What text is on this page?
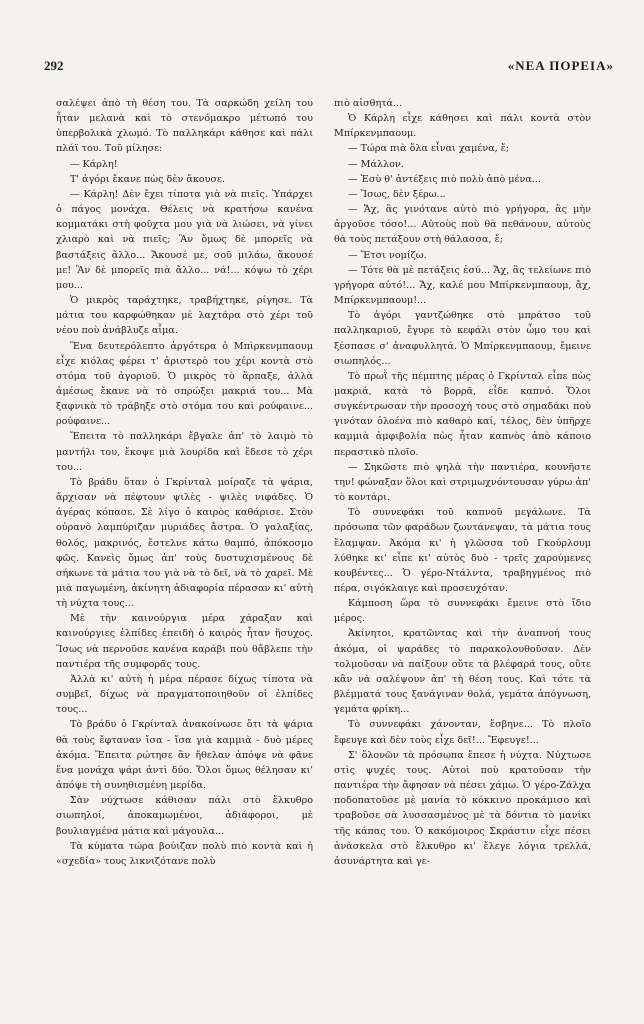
292	«ΝΕΑ ΠΟΡΕΙΑ»

σαλέψει ἀπὸ τὴ θέση του. Τὰ σαρκώδη χείλη του ἦταν μελανὰ καὶ τὸ στενόμακρο μέτωπό του ὑπερβολικὰ χλωμό. Τὸ παλληκάρι κάθησε καὶ πάλι πλάϊ του. Τοῦ μίλησε:

— Κάρλη!

Τ' ἀγόρι ἔκανε πὼς δὲν ἄκουσε.

— Κάρλη! Δὲν ἔχει τίποτα γιὰ νὰ πιεῖς. Ὑπάρχει ὁ πάγος μονάχα. Θέλεις νὰ κρατήσω κανένα κομματάκι στὴ φοῦχτα μου γιὰ νὰ λιώσει, νὰ γίνει χλιαρὸ καὶ νὰ πιεῖς; Ἂν ὅμως δὲ μπορεῖς νὰ βαστάξεις ἄλλο... Ἄκουσέ με, σοῦ μιλάω, ἄκουσέ με! Ἂν δὲ μπορεῖς πιὰ ἄλλο... νά!... κόψω τὸ χέρι μου...

Ὁ μικρὸς ταράχτηκε, τραβήχτηκε, ρίγησε. Τὰ μάτια του καρφώθηκαν μὲ λαχτάρα στὸ χέρι τοῦ νέου ποὺ ἀνάβλυζε αἷμα.

Ἕνα δευτερόλεπτο ἀργότερα ὁ Μπὶρκενμπαουμ εἶχε κιόλας φέρει τ' ἀριστερὸ του χέρι κοντὰ στὸ στόμα τοῦ ἀγοριοῦ. Ὁ μικρὸς τὸ ἅρπαξε, ἀλλὰ ἀμέσως ἔκανε νὰ τὸ σπρώξει μακριά του... Μὰ ξαφνικὰ τὸ τράβηξε στὸ στόμα του καὶ ρούφαινε... ρούφαινε...

Ἔπειτα τὸ παλληκάρι ἔβγαλε ἀπ' τὸ λαιμὸ τὸ μαντήλι του, ἔκοψε μιὰ λουρίδα καὶ ἔδεσε τὸ χέρι του...

Τὸ βράδυ ὅταν ὁ Γκρίνταλ μοίραζε τὰ ψάρια, ἄρχισαν νὰ πέφτουν ψιλὲς - ψιλὲς νιφάδες. Ὁ ἀγέρας κόπασε. Σὲ λίγο ὁ καιρὸς καθάρισε. Στὸν οὐρανὸ λαμπύριζαν μυριάδες ἄστρα. Ὁ γαλαξίας, θολός, μακρινός, ἔστελνε κάτω θαμπό, ἀπόκοσμο φῶς. Κανεὶς ὅμως ἀπ' τοὺς δυστυχισμένους δὲ σήκωνε τὰ μάτια του γιὰ νὰ τὸ δεῖ, νὰ τὸ χαρεῖ. Μὲ μιὰ παγωμένη, ἀκίνητη ἀδιαφορία πέρασαν κι' αὐτὴ τὴ νύχτα τους...

Μὲ τὴν καινούργια μέρα χάραξαν καὶ καινούργιες ἐλπίδες ἐπειδὴ ὁ καιρὸς ἦταν ἥσυχος. Ἴσως νὰ περνοῦσε κανένα καράβι ποὺ θἄβλεπε τὴν παντιέρα τῆς συμφορᾶς τους.

Ἀλλὰ κι' αὐτὴ ἡ μέρα πέρασε δίχως τίποτα νὰ συμβεῖ, δίχως νὰ πραγματοποιηθοῦν οἱ ἐλπίδες τους...

Τὸ βράδυ ὁ Γκρίνταλ ἀνακοίνωσε ὅτι τὰ ψάρια θὰ τοὺς ἔφταναν ἴσα - ἴσα γιὰ καμμιὰ - δυὸ μέρες ἀκόμα. Ἔπειτα ρώτησε ἂν ἤθελαν ἀπόψε νὰ φᾶνε ἕνα μονάχα ψάρι ἀντὶ δύο. Ὅλοι ὅμως θέλησαν κι' ἀπόψε τὴ συνηθισμένη μερίδα.

Σὰν νύχτωσε κάθισαν πάλι στὸ ἔλκυθρο σιωπηλοί, ἀποκαμωμένοι, ἀδιάφοροι, μὲ βουλιαγμένα μάτια καὶ μάγουλα...

Τὰ κύματα τώρα βούιζαν πολὺ πιὸ κοντὰ καὶ ἡ «σχεδία» τους λικνιζότανε πολὺ

πιὸ αἰσθητά...

Ὁ Κάρλη εἶχε κάθησει καὶ πάλι κοντὰ στὸν Μπίρκενμπαουμ.

— Τώρα πιὰ ὅλα εἶναι χαμένα, ἔ;

— Μάλλον.

— Ἐσὺ θ' ἀντέξεις πιὸ πολὺ ἀπὸ μένα...

— Ἴσως, δὲν ξέρω...

— Ἄχ, ἂς γινότανε αὐτὸ πιὸ γρήγορα, ἂς μὴν ἀργοῦσε τόσο!... Αὐτοὺς ποὺ θὰ πεθάνουν, αὐτοὺς θὰ τοὺς πετάξουν στὴ θάλασσα, ἔ;

— Ἔτσι νομίζω.

— Τότε θὰ μὲ πετάξεις ἐσύ... Ἄχ, ἂς τελείωνε πιὸ γρήγορα αὐτό!... Ἄχ, καλέ μου Μπίρκενμπαουμ, ἄχ, Μπίρκενμπαουμ!...

Τὸ ἀγόρι γαντζώθηκε στὸ μπράτσο τοῦ παλληκαριοῦ, ἔγυρε τὸ κεφάλι στὸν ὦμο του καὶ ξέσπασε σ' ἀναφυλλητά. Ὁ Μπίρκενμπαουμ, ἔμεινε σιωπηλός...

Τὸ πρωῒ τῆς πέμπτης μέρας ὁ Γκρίνταλ εἶπε πὼς μακριά, κατὰ τὸ βορρᾶ, εἶδε καπνό. Ὅλοι συγκέντρωσαν τὴν προσοχή τους στὸ σημαδάκι ποὺ γινόταν ὁλοένα πιὸ καθαρὸ καί, τέλος, δὲν ὑπῆρχε καμμιὰ ἀμφιβολία πὼς ἦταν καπνὸς ἀπὸ κάποιο περαστικὸ πλοῖο.

— Σηκῶστε πιὸ ψηλὰ τὴν παντιέρα, κουνῆστε την! φώναξαν ὅλοι καὶ στριμωχνόντουσαν γύρω ἀπ' τὸ κοντάρι.

Τὸ συννεφάκι τοῦ καπνοῦ μεγάλωνε. Τὰ πρόσωπα τῶν φαράδων ζωντάνεψαν, τὰ μάτια τους ἔλαμψαν. Ἀκόμα κι' ἡ γλῶσσα τοῦ Γκούρλουμ λύθηκε κι' εἶπε κι' αὐτὸς δυὸ - τρεῖς χαρούμενες κουβέντες... Ὁ γέρο-Ντάλντα, τραβηγμένος πιὸ πέρα, σιγόκλαιγε καὶ προσευχόταν.

Κάμποση ὥρα τὸ συννεφάκι ἔμεινε στὸ ἴδιο μέρος.

Ἀκίνητοι, κρατῶντας καὶ τὴν ἀναπνοή τους ἀκόμα, οἱ ψαράδες τὸ παρακολουθοῦσαν. Δὲν τολμοῦσαν νὰ παίξουν οὔτε τὰ βλέφαρά τους, οὔτε κἂν νὰ σαλέψουν ἀπ' τὴ θέση τους. Καὶ τότε τὰ βλέμματά τους ξανάγιναν θολά, γεμάτα ἀπόγνωση, γεμάτα φρίκη...

Τὸ συννεφάκι χάνονταν, ἔσβηνε... Τὸ πλοῖο ἔφευγε καὶ δὲν τοὺς εἶχε δεῖ!... Ἔφευγε!...

Σ' ὅλονῶν τὰ πρόσωπα ἔπεσε ἡ νύχτα. Νύχτωσε στὶς ψυχές τους. Αὐτοὶ ποὺ κρατοῦσαν τὴν παντιέρα τὴν ἄφησαν νὰ πέσει χάμω. Ὁ γέρο-Ζάλχα ποδοπατοῦσε μὲ μανία τὸ κόκκινο προκάμισο καὶ τραβοῦσε σὰ λυσσασμένος μὲ τὰ δόντια τὸ μανίκι τῆς κάπας του. Ὁ κακόμοιρος Σκράστιν εἶχε πέσει ἀνάσκελα στὸ ἔλκυθρο κι' ἔλεγε λόγια τρελλά, ἀσυνάρτητα καὶ γε-
